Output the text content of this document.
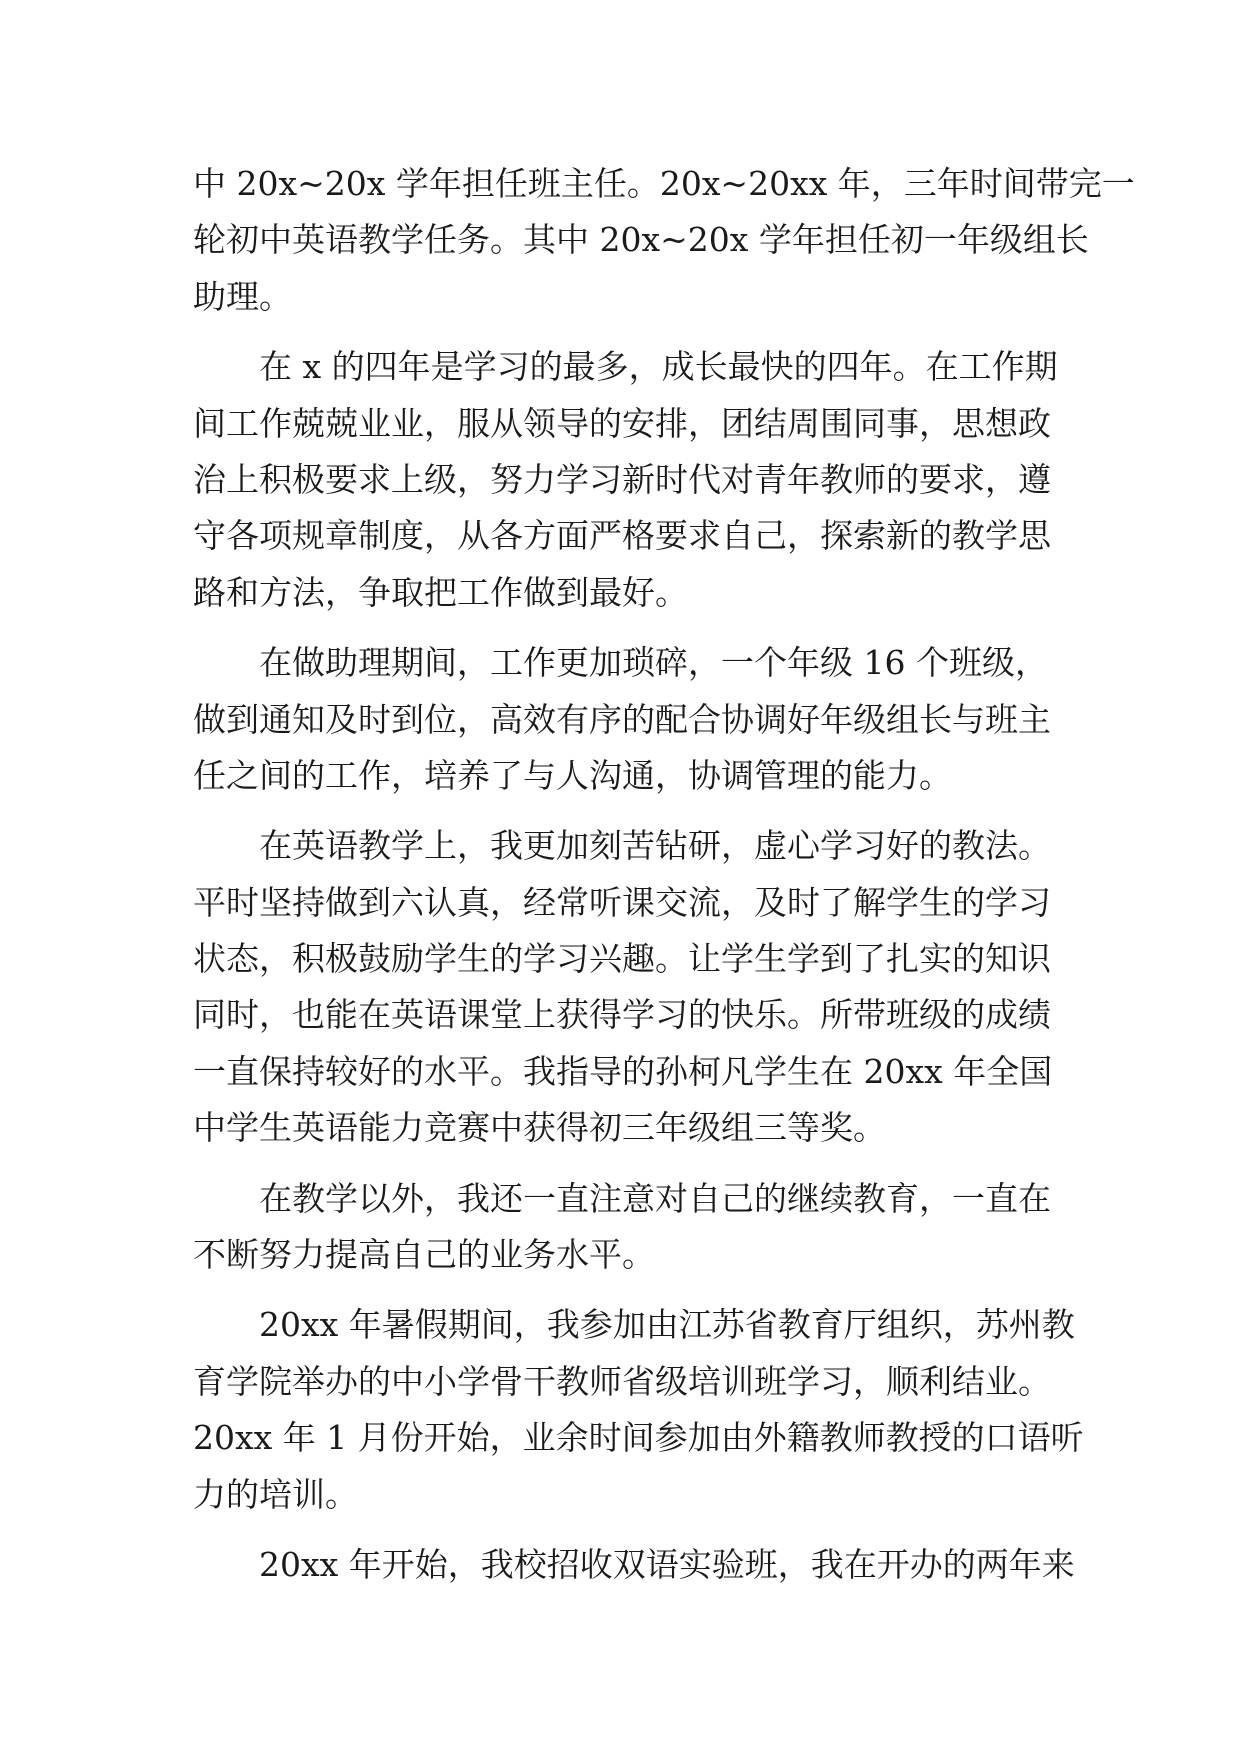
中 20x~20x 学年担任班主任。20x~20xx 年，三年时间带完一
轮初中英语教学任务。其中 20x~20x 学年担任初一年级组长
助理。
在 x 的四年是学习的最多，成长最快的四年。在工作期
间工作兢兢业业，服从领导的安排，团结周围同事，思想政
治上积极要求上级，努力学习新时代对青年教师的要求，遵
守各项规章制度，从各方面严格要求自己，探索新的教学思
路和方法，争取把工作做到最好。
在做助理期间，工作更加琐碎，一个年级 16 个班级，
做到通知及时到位，高效有序的配合协调好年级组长与班主
任之间的工作，培养了与人沟通，协调管理的能力。
在英语教学上，我更加刻苦钻研，虚心学习好的教法。
平时坚持做到六认真，经常听课交流，及时了解学生的学习
状态，积极鼓励学生的学习兴趣。让学生学到了扎实的知识
同时，也能在英语课堂上获得学习的快乐。所带班级的成绩
一直保持较好的水平。我指导的孙柯凡学生在 20xx 年全国
中学生英语能力竞赛中获得初三年级组三等奖。
在教学以外，我还一直注意对自己的继续教育，一直在
不断努力提高自己的业务水平。
20xx 年暑假期间，我参加由江苏省教育厅组织，苏州教
育学院举办的中小学骨干教师省级培训班学习，顺利结业。
20xx 年 1 月份开始，业余时间参加由外籍教师教授的口语听
力的培训。
20xx 年开始，我校招收双语实验班，我在开办的两年来
